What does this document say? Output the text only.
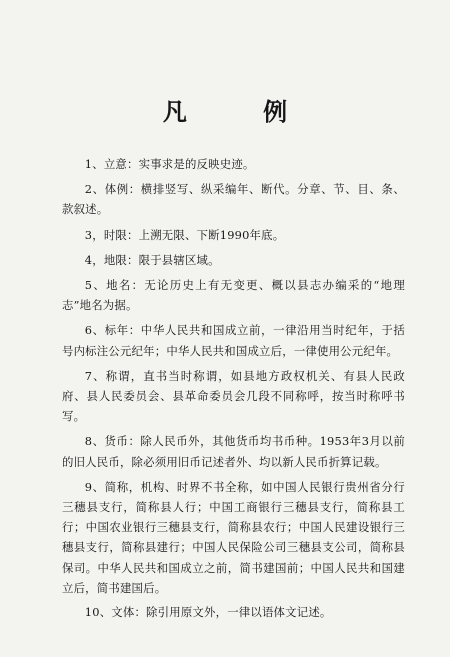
凡 例

1、立意：实事求是的反映史迹。

2、体例：横排竖写、纵采编年、断代。分章、节、目、条、款叙述。

3，时限：上溯无限、下断1990年底。

4，地限：限于县辖区域。

5、地名：无论历史上有无变更、概以县志办编采的“地理志”地名为据。

6、标年：中华人民共和国成立前，一律沿用当时纪年，于括号内标注公元纪年；中华人民共和国成立后，一律使用公元纪年。

7、称谓，直书当时称谓，如县地方政权机关、有县人民政府、县人民委员会、县革命委员会几段不同称呼，按当时称呼书写。

8、货币：除人民币外，其他货币均书币种。1953年3月以前的旧人民币，除必须用旧币记述者外、均以新人民币折算记载。

9、简称，机构、时界不书全称，如中国人民银行贵州省分行三穗县支行，简称县人行；中国工商银行三穗县支行，简称县工行；中国农业银行三穗县支行，简称县农行；中国人民建设银行三穗县支行，简称县建行；中国人民保险公司三穗县支公司，简称县保司。中华人民共和国成立之前，简书建国前；中国人民共和国建立后，简书建国后。

10、文体：除引用原文外，一律以语体文记述。
